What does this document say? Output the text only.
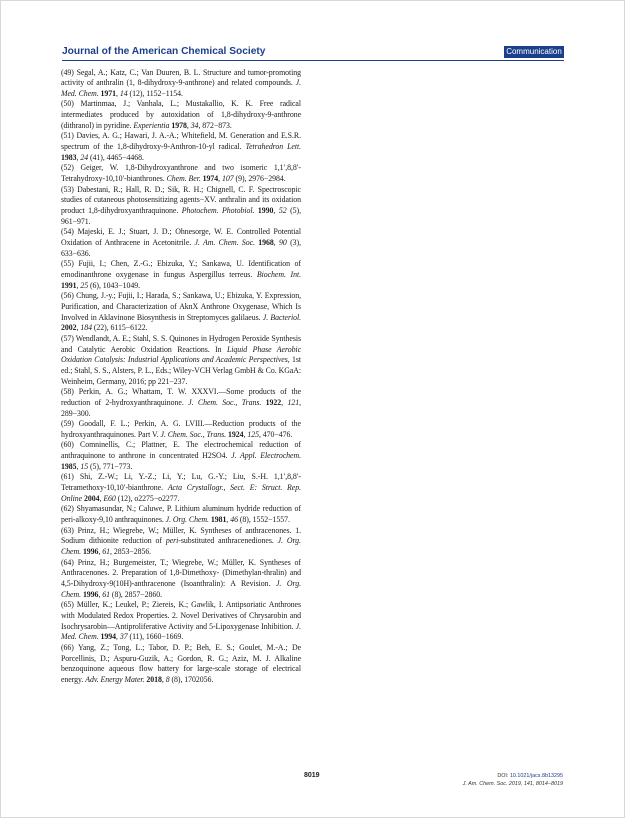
Journal of the American Chemical Society	Communication

(49) Segal, A.; Katz, C.; Van Duuren, B. L. Structure and tumor-promoting activity of anthralin (1, 8-dihydroxy-9-anthrone) and related compounds. J. Med. Chem. 1971, 14 (12), 1152−1154.

(50) Martinmaa, J.; Vanhala, L.; Mustakallio, K. K. Free radical intermediates produced by autoxidation of 1,8-dihydroxy-9-anthrone (dithranol) in pyridine. Experientia 1978, 34, 872−873.

(51) Davies, A. G.; Hawari, J. A.-A.; Whitefield, M. Generation and E.S.R. spectrum of the 1,8-dihydroxy-9-Anthron-10-yl radical. Tetrahedron Lett. 1983, 24 (41), 4465−4468.

(52) Geiger, W. 1,8-Dihydroxyanthrone and two isomeric 1,1′,8,8′-Tetrahydroxy-10,10′-bianthrones. Chem. Ber. 1974, 107 (9), 2976−2984.

(53) Dabestani, R.; Hall, R. D.; Sik, R. H.; Chignell, C. F. Spectroscopic studies of cutaneous photosensitizing agents−XV. anthralin and its oxidation product 1,8-dihydroxyanthraquinone. Photochem. Photobiol. 1990, 52 (5), 961−971.

(54) Majeski, E. J.; Stuart, J. D.; Ohnesorge, W. E. Controlled Potential Oxidation of Anthracene in Acetonitrile. J. Am. Chem. Soc. 1968, 90 (3), 633−636.

(55) Fujii, I.; Chen, Z.-G.; Ebizuka, Y.; Sankawa, U. Identification of emodinanthrone oxygenase in fungus Aspergillus terreus. Biochem. Int. 1991, 25 (6), 1043−1049.

(56) Chung, J.-y.; Fujii, I.; Harada, S.; Sankawa, U.; Ebizuka, Y. Expression, Purification, and Characterization of AknX Anthrone Oxygenase, Which Is Involved in Aklavinone Biosynthesis in Streptomyces galilaeus. J. Bacteriol. 2002, 184 (22), 6115−6122.

(57) Wendlandt, A. E.; Stahl, S. S. Quinones in Hydrogen Peroxide Synthesis and Catalytic Aerobic Oxidation Reactions. In Liquid Phase Aerobic Oxidation Catalysis: Industrial Applications and Academic Perspectives, 1st ed.; Stahl, S. S., Alsters, P. L., Eds.; Wiley-VCH Verlag GmbH & Co. KGaA: Weinheim, Germany, 2016; pp 221−237.

(58) Perkin, A. G.; Whattam, T. W. XXXVI.—Some products of the reduction of 2-hydroxyanthraquinone. J. Chem. Soc., Trans. 1922, 121, 289−300.

(59) Goodall, F. L.; Perkin, A. G. LVIII.—Reduction products of the hydroxyanthraquinones. Part V. J. Chem. Soc., Trans. 1924, 125, 470−476.

(60) Comninellis, C.; Plattner, E. The electrochemical reduction of anthraquinone to anthrone in concentrated H2SO4. J. Appl. Electrochem. 1985, 15 (5), 771−773.

(61) Shi, Z.-W.; Li, Y.-Z.; Li, Y.; Lu, G.-Y.; Liu, S.-H. 1,1′,8,8′-Tetramethoxy-10,10′-bianthrone. Acta Crystallogr., Sect. E: Struct. Rep. Online 2004, E60 (12), o2275−o2277.

(62) Shyamasundar, N.; Caluwe, P. Lithium aluminum hydride reduction of peri-alkoxy-9,10 anthraquinones. J. Org. Chem. 1981, 46 (8), 1552−1557.

(63) Prinz, H.; Wiegrebe, W.; Müller, K. Syntheses of anthracenones. 1. Sodium dithionite reduction of peri-substituted anthracenediones. J. Org. Chem. 1996, 61, 2853−2856.

(64) Prinz, H.; Burgemeister, T.; Wiegrebe, W.; Müller, K. Syntheses of Anthracenones. 2. Preparation of 1,8-Dimethoxy- (Dimethylan-thralin) and 4,5-Dihydroxy-9(10H)-anthracenone (Isoanthralin): A Revision. J. Org. Chem. 1996, 61 (8), 2857−2860.

(65) Müller, K.; Leukel, P.; Ziereis, K.; Gawlik, I. Antipsoriatic Anthrones with Modulated Redox Properties. 2. Novel Derivatives of Chrysarobin and Isochrysarobin—Antiproliferative Activity and 5-Lipoxygenase Inhibition. J. Med. Chem. 1994, 37 (11), 1660−1669.

(66) Yang, Z.; Tong, L.; Tabor, D. P.; Beh, E. S.; Goulet, M.-A.; De Porcellinis, D.; Aspuru-Guzik, A.; Gordon, R. G.; Aziz, M. J. Alkaline benzoquinone aqueous flow battery for large-scale storage of electrical energy. Adv. Energy Mater. 2018, 8 (8), 1702056.

8019	DOI: 10.1021/jacs.8b13295
J. Am. Chem. Soc. 2019, 141, 8014−8019
